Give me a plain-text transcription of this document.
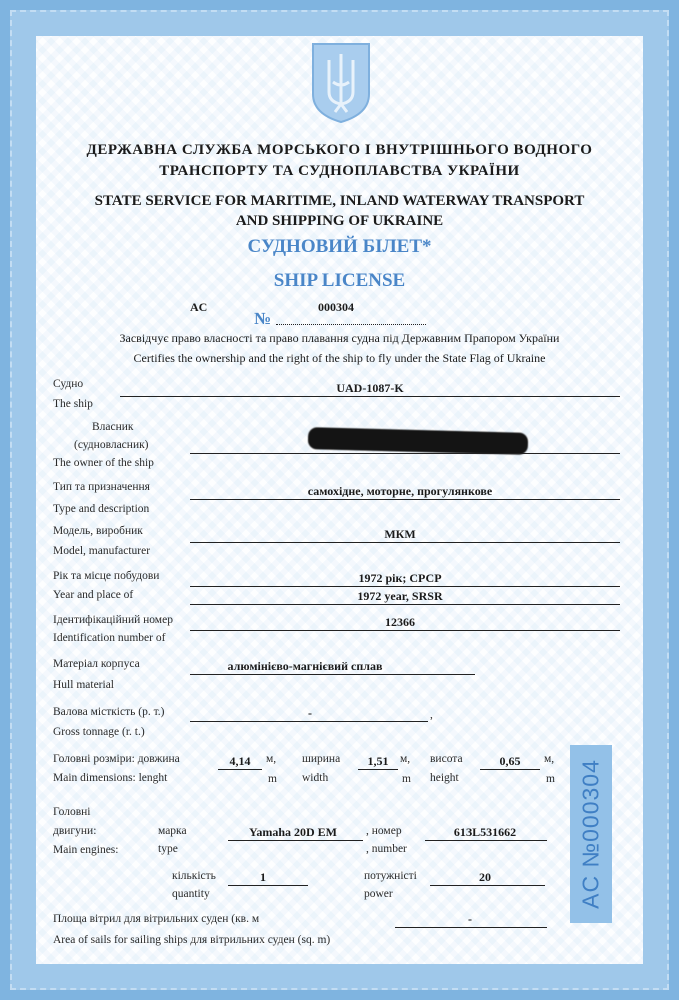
ДЕРЖАВНА СЛУЖБА МОРСЬКОГО І ВНУТРІШНЬОГО ВОДНОГО
ТРАНСПОРТУ ТА СУДНОПЛАВСТВА УКРАЇНИ
STATE SERVICE FOR MARITIME, INLAND WATERWAY TRANSPORT
AND SHIPPING OF UKRAINE
СУДНОВИЙ БІЛЕТ*
SHIP LICENSE
AC
№
000304
Засвідчує право власності та право плавання судна під Державним Прапором України
Certifies the ownership and the right of the ship to fly under the State Flag of Ukraine
Судно
The ship
UAD-1087-K
Власник
(судновласник)
The owner of the ship
Тип та призначення
Type and description
самохідне, моторне, прогулянкове
Модель, виробник
Model, manufacturer
МКМ
Рік та місце побудови
Year and place of
1972 рік; СРСР
1972 year, SRSR
Ідентифікаційний номер
Identification number of
12366
Матеріал корпуса
Hull material
алюмінієво-магнієвий сплав
Валова місткість (р. т.)
Gross tonnage (r. t.)
-	,
Головні розміри: довжина
Main dimensions: lenght
4,14	м,
m
ширина
width
1,51	м,
m
висота
height
0,65	м,
m
Головні
двигуни:
Main engines:
марка
type
Yamaha 20D EM	, номер
, number
61ЗL531662
кількість
quantity
1	потужністі
power
20
Площа вітрил для вітрильних суден (кв. м
Area of sails for sailing ships для вітрильних суден (sq. m)
-
AC №000304
